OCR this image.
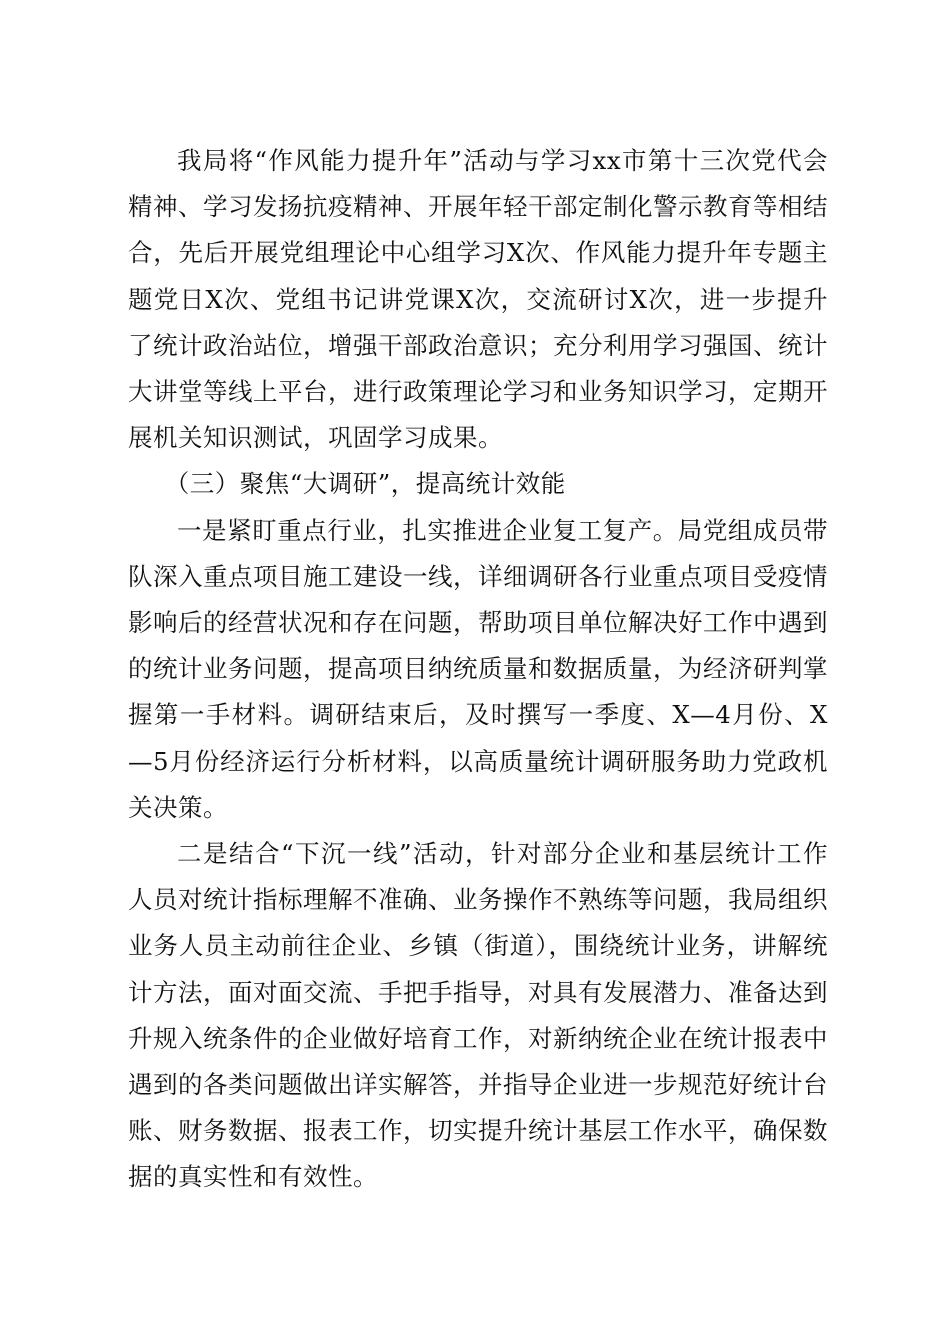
我局将“作风能力提升年”活动与学习xx市第十三次党代会精神、学习发扬抗疫精神、开展年轻干部定制化警示教育等相结合，先后开展党组理论中心组学习X次、作风能力提升年专题主题党日X次、党组书记讲党课X次，交流研讨X次，进一步提升了统计政治站位，增强干部政治意识；充分利用学习强国、统计大讲堂等线上平台，进行政策理论学习和业务知识学习，定期开展机关知识测试，巩固学习成果。

（三）聚焦“大调研”，提高统计效能

一是紧盯重点行业，扎实推进企业复工复产。局党组成员带队深入重点项目施工建设一线，详细调研各行业重点项目受疫情影响后的经营状况和存在问题，帮助项目单位解决好工作中遇到的统计业务问题，提高项目纳统质量和数据质量，为经济研判掌握第一手材料。调研结束后，及时撰写一季度、X—4月份、X—5月份经济运行分析材料，以高质量统计调研服务助力党政机关决策。

二是结合“下沉一线”活动，针对部分企业和基层统计工作人员对统计指标理解不准确、业务操作不熟练等问题，我局组织业务人员主动前往企业、乡镇（街道），围绕统计业务，讲解统计方法，面对面交流、手把手指导，对具有发展潜力、准备达到升规入统条件的企业做好培育工作，对新纳统企业在统计报表中遇到的各类问题做出详实解答，并指导企业进一步规范好统计台账、财务数据、报表工作，切实提升统计基层工作水平，确保数据的真实性和有效性。
